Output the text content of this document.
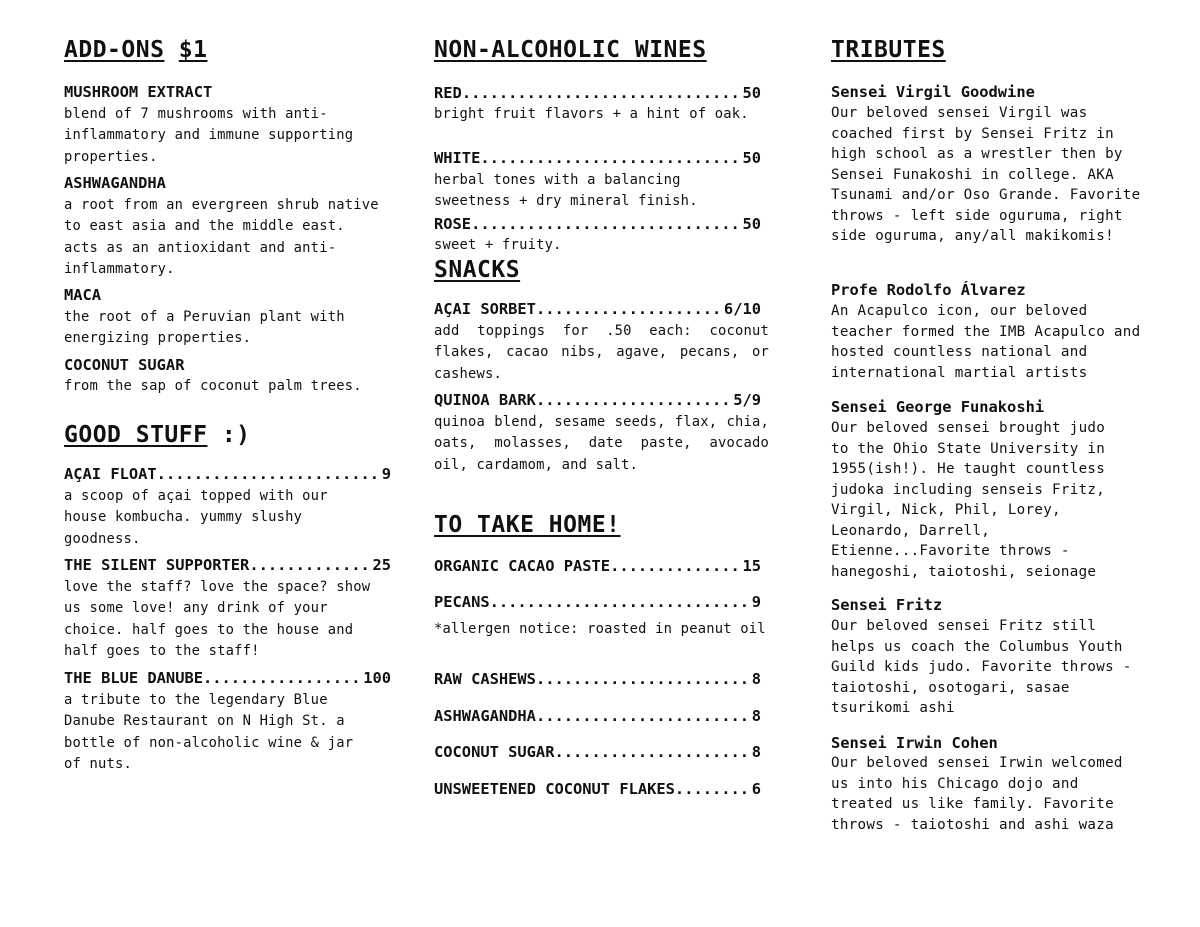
ADD-ONS $1
MUSHROOM EXTRACT

blend of 7 mushrooms with anti-inflammatory and immune supporting properties.

ASHWAGANDHA

a root from an evergreen shrub native to east asia and the middle east. acts as an antioxidant and anti-inflammatory.

MACA

the root of a Peruvian plant with energizing properties.

COCONUT SUGAR

from the sap of coconut palm trees.

GOOD STUFF :)
AÇAI FLOAT .....	9

a scoop of açai topped with our house kombucha. yummy slushy goodness.

THE SILENT SUPPORTER .....	25

love the staff? love the space? show us some love! any drink of your choice. half goes to the house and half goes to the staff!

THE BLUE DANUBE .....	100

a tribute to the legendary Blue Danube Restaurant on N High St. a bottle of non-alcoholic wine & jar of nuts.

NON-ALCOHOLIC WINES
RED .....	50

bright fruit flavors + a hint of oak.

WHITE .....	50

herbal tones with a balancing sweetness + dry mineral finish.

ROSE .....	50

sweet + fruity.

SNACKS
AÇAI SORBET .....	6/10

add toppings for .50 each: coconut flakes, cacao nibs, agave, pecans, or cashews.

QUINOA BARK .....	5/9

quinoa blend, sesame seeds, flax, chia, oats, molasses, date paste, avocado oil, cardamom, and salt.

TO TAKE HOME!
ORGANIC CACAO PASTE .....	15
PECANS .....	9

*allergen notice: roasted in peanut oil

RAW CASHEWS .....	8
ASHWAGANDHA .....	8
COCONUT SUGAR .....	8
UNSWEETENED COCONUT FLAKES .....	6
TRIBUTES
Sensei Virgil Goodwine

Our beloved sensei Virgil was coached first by Sensei Fritz in high school as a wrestler then by Sensei Funakoshi in college. AKA Tsunami and/or Oso Grande. Favorite throws - left side oguruma, right side oguruma, any/all makikomis!

Profe Rodolfo Álvarez

An Acapulco icon, our beloved teacher formed the IMB Acapulco and hosted countless national and international martial artists

Sensei George Funakoshi

Our beloved sensei brought judo to the Ohio State University in 1955(ish!). He taught countless judoka including senseis Fritz, Virgil, Nick, Phil, Lorey, Leonardo, Darrell, Etienne...Favorite throws - hanegoshi, taiotoshi, seionage

Sensei Fritz

Our beloved sensei Fritz still helps us coach the Columbus Youth Guild kids judo. Favorite throws - taiotoshi, osotogari, sasae tsurikomi ashi

Sensei Irwin Cohen

Our beloved sensei Irwin welcomed us into his Chicago dojo and treated us like family. Favorite throws - taiotoshi and ashi waza
